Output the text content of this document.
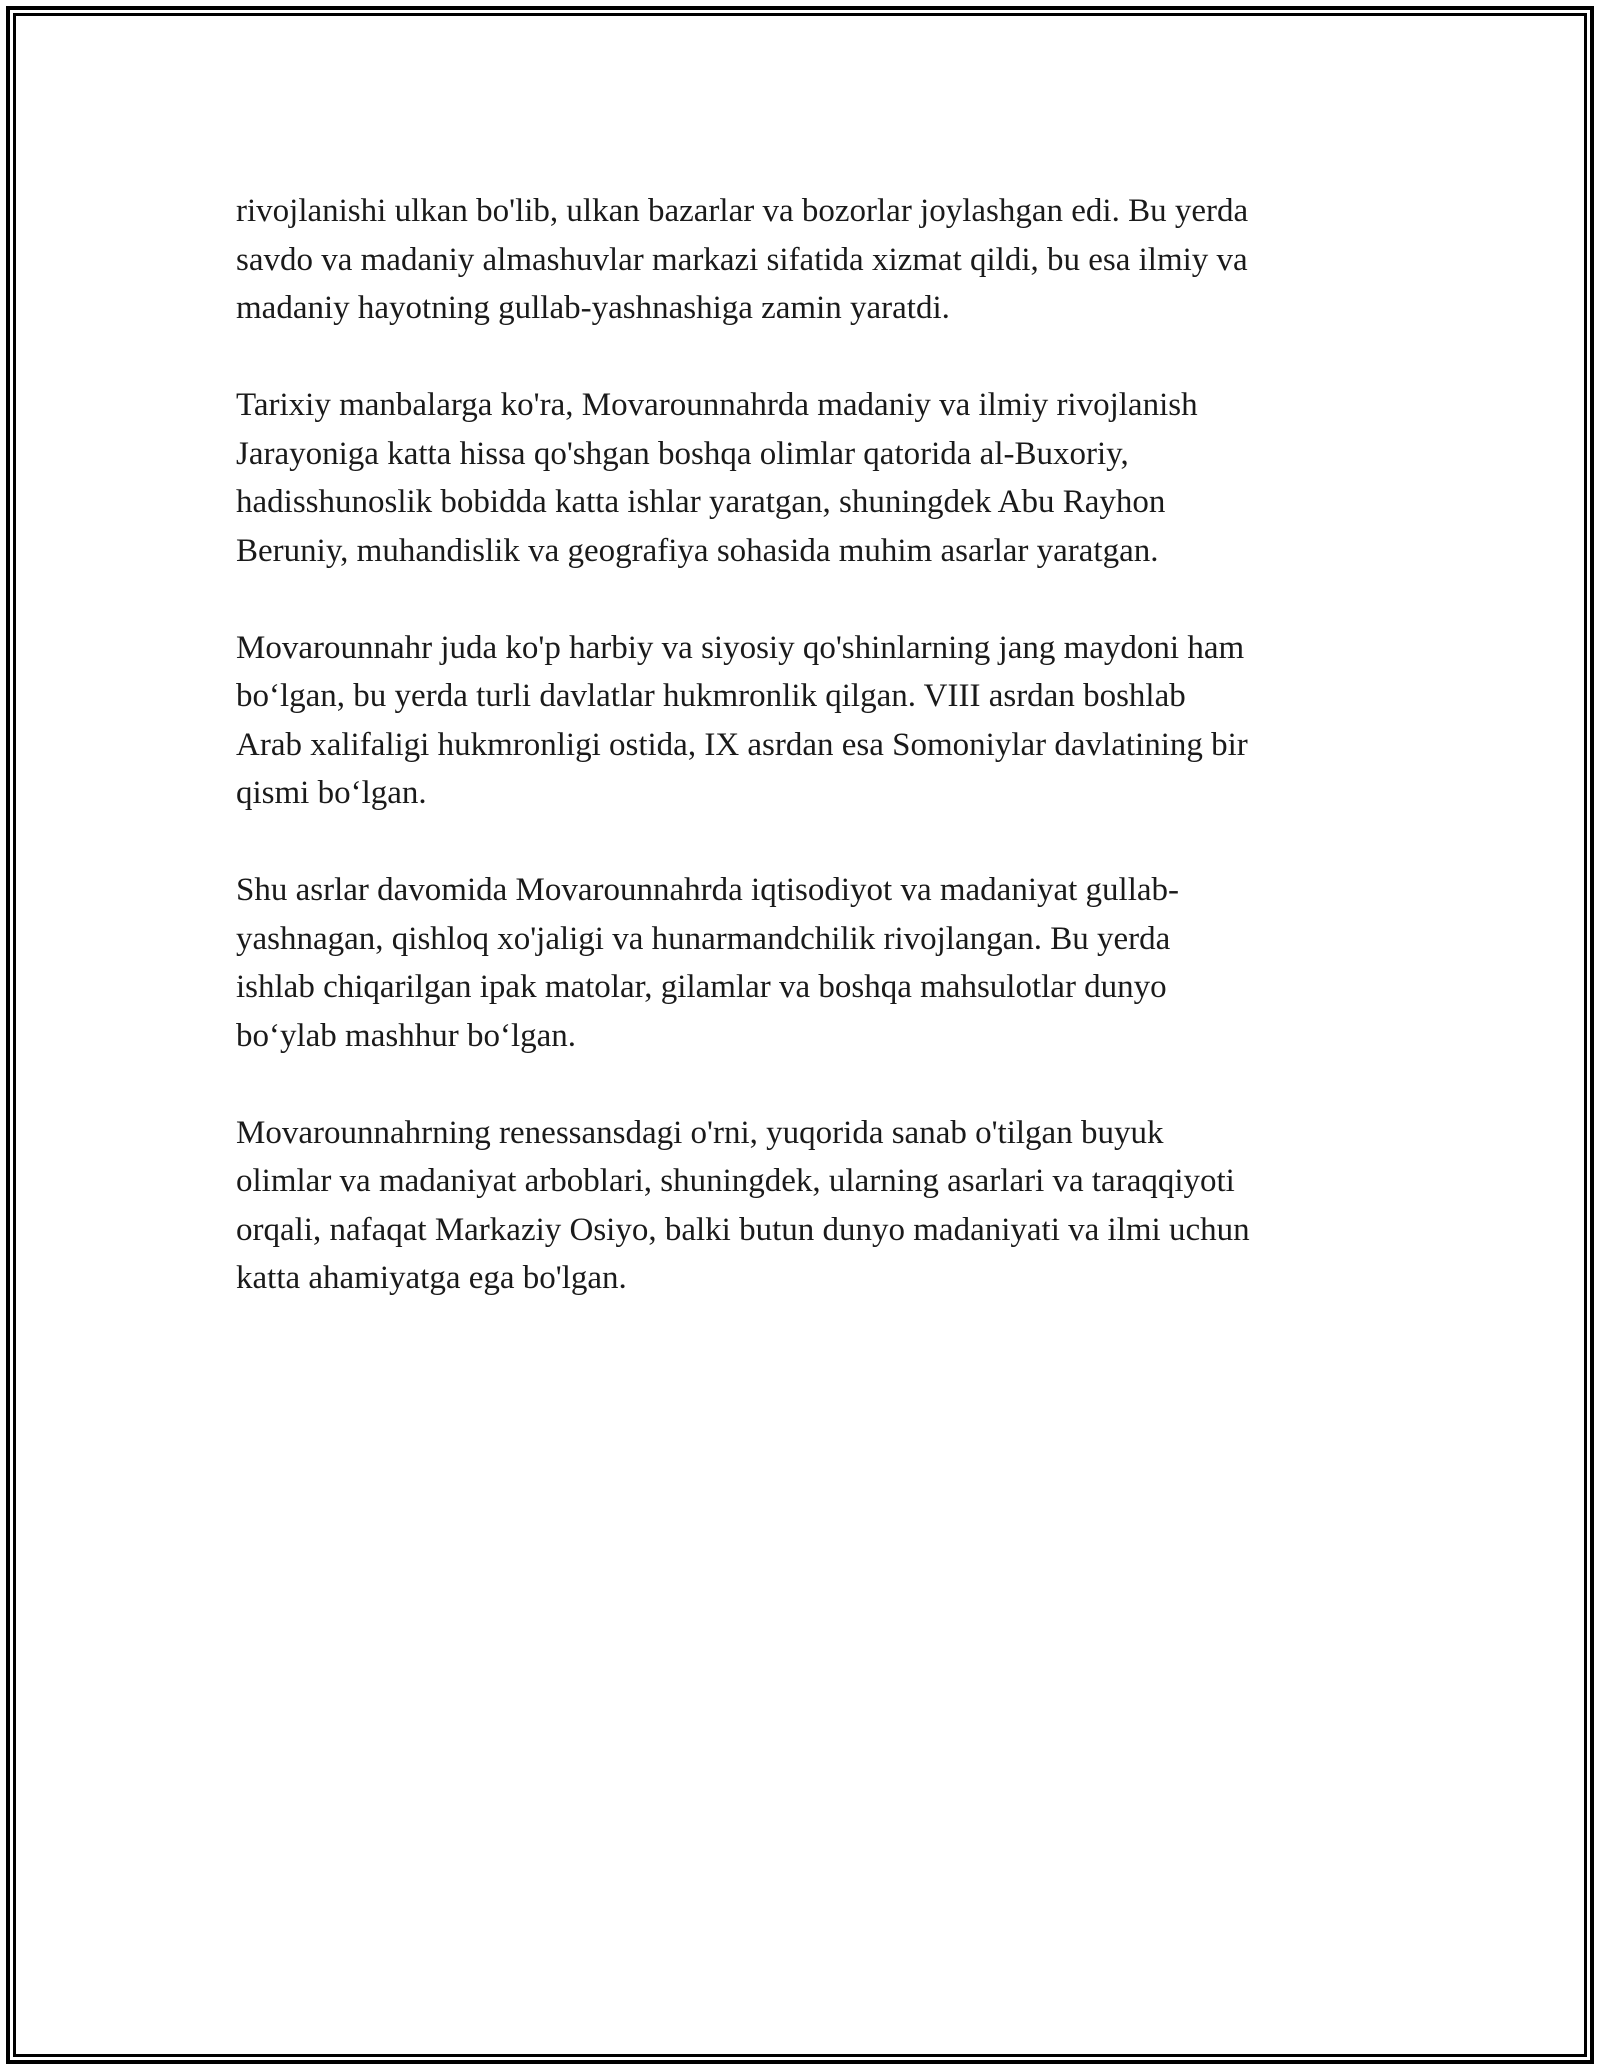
rivojlanishi ulkan bo'lib, ulkan bazarlar va bozorlar joylashgan edi. Bu yerda
savdo va madaniy almashuvlar markazi sifatida xizmat qildi, bu esa ilmiy va
madaniy hayotning gullab-yashnashiga zamin yaratdi.

Tarixiy manbalarga ko'ra, Movarounnahrda madaniy va ilmiy rivojlanish
Jarayoniga katta hissa qo'shgan boshqa olimlar qatorida al-Buxoriy,
hadisshunoslik bobidda katta ishlar yaratgan, shuningdek Abu Rayhon
Beruniy, muhandislik va geografiya sohasida muhim asarlar yaratgan.

Movarounnahr juda ko'p harbiy va siyosiy qo'shinlarning jang maydoni ham
bo‘lgan, bu yerda turli davlatlar hukmronlik qilgan. VIII asrdan boshlab
Arab xalifaligi hukmronligi ostida, IX asrdan esa Somoniylar davlatining bir
qismi bo‘lgan.

Shu asrlar davomida Movarounnahrda iqtisodiyot va madaniyat gullab-
yashnagan, qishloq xo'jaligi va hunarmandchilik rivojlangan. Bu yerda
ishlab chiqarilgan ipak matolar, gilamlar va boshqa mahsulotlar dunyo
bo‘ylab mashhur bo‘lgan.

Movarounnahrning renessansdagi o'rni, yuqorida sanab o'tilgan buyuk
olimlar va madaniyat arboblari, shuningdek, ularning asarlari va taraqqiyoti
orqali, nafaqat Markaziy Osiyo, balki butun dunyo madaniyati va ilmi uchun
katta ahamiyatga ega bo'lgan.
